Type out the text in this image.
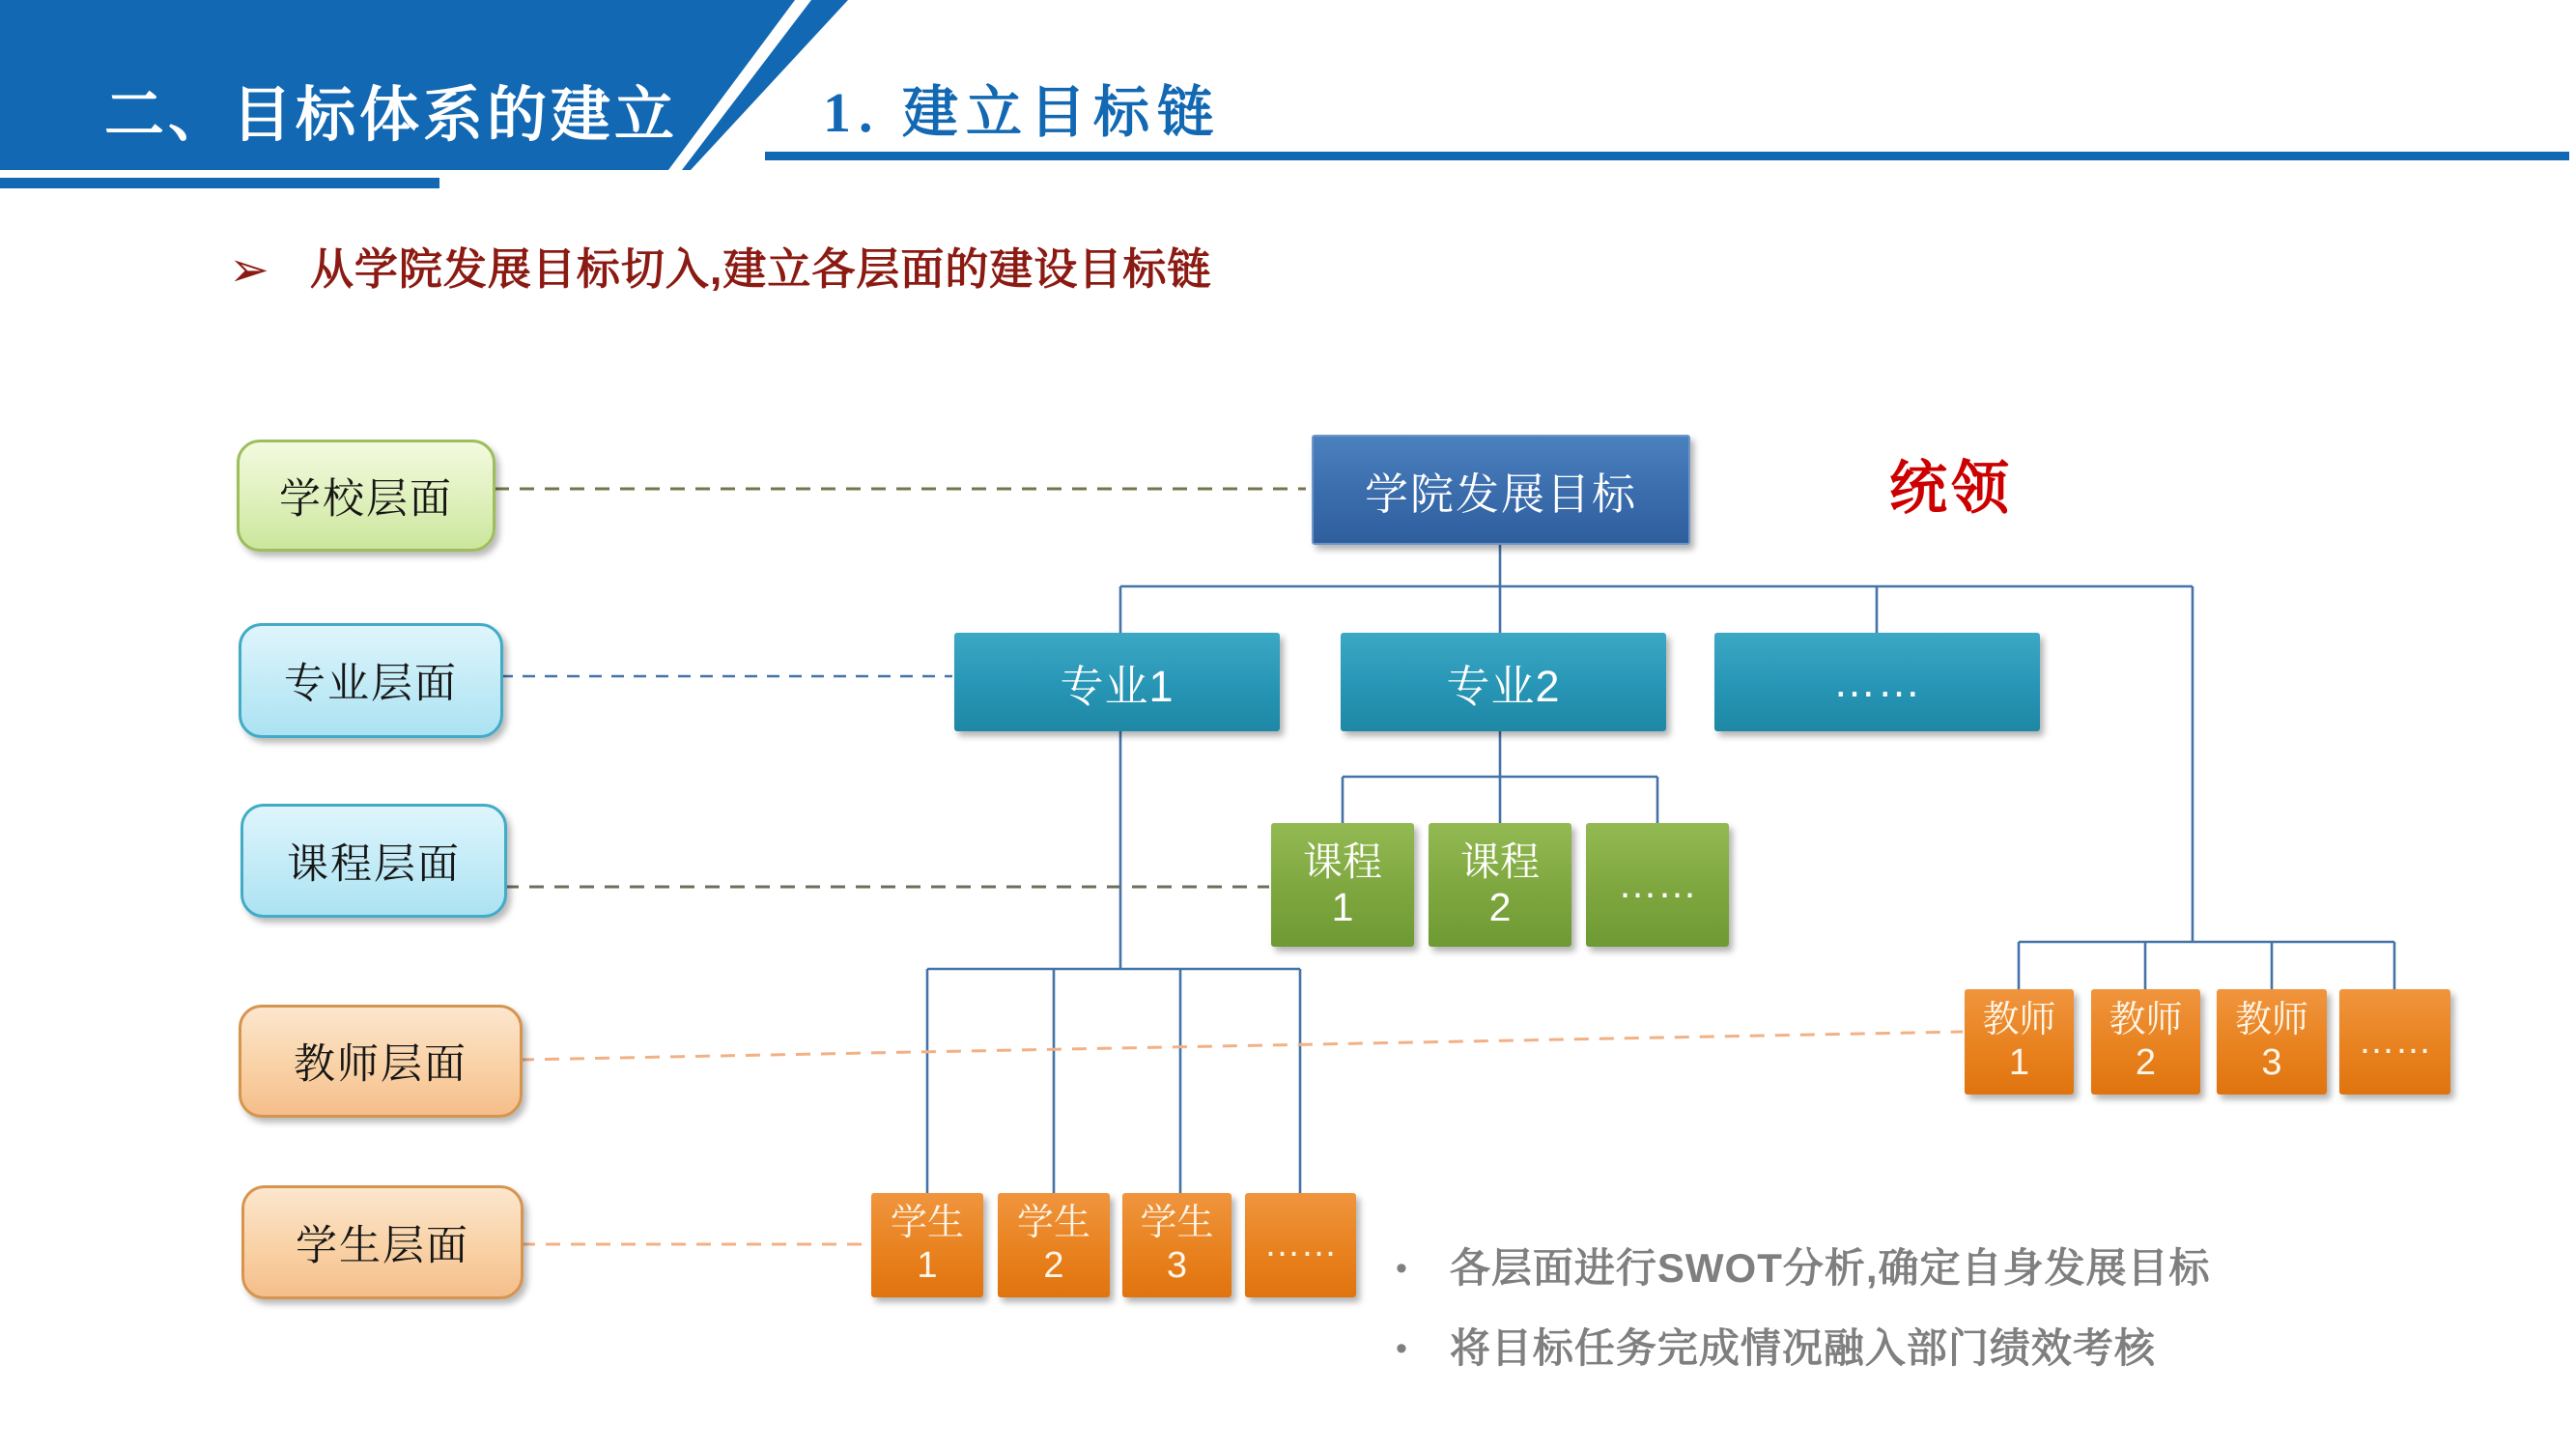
二、目标体系的建立	1. 建立目标链
➢ 从学院发展目标切入,建立各层面的建设目标链
学校层面
专业层面
课程层面
教师层面
学生层面
学院发展目标
专业1	专业2	……
课程
1
课程
2
……
教师
1
教师
2
教师
3
……
学生
1
学生
2
学生
3
……
统领
• 各层面进行SWOT分析,确定自身发展目标
• 将目标任务完成情况融入部门绩效考核
